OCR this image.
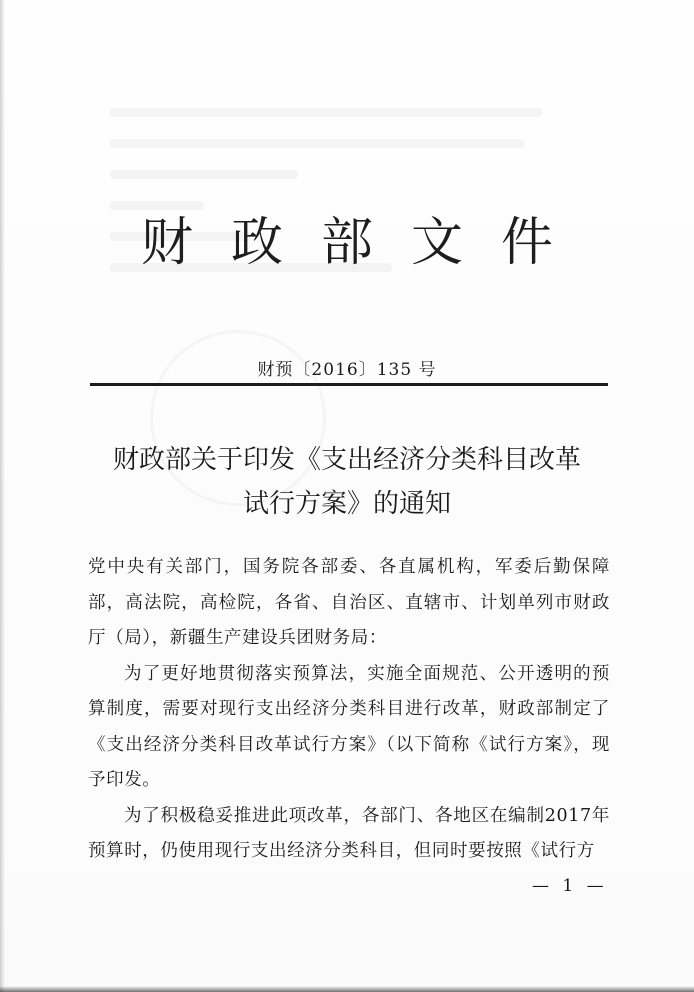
财政部文件
财预〔2016〕135 号
财政部关于印发《支出经济分类科目改革
试行方案》的通知

党中央有关部门，国务院各部委、各直属机构，军委后勤保障部，高法院，高检院，各省、自治区、直辖市、计划单列市财政厅（局），新疆生产建设兵团财务局：

为了更好地贯彻落实预算法，实施全面规范、公开透明的预算制度，需要对现行支出经济分类科目进行改革，财政部制定了《支出经济分类科目改革试行方案》（以下简称《试行方案》，现予印发。

为了积极稳妥推进此项改革，各部门、各地区在编制2017年预算时，仍使用现行支出经济分类科目，但同时要按照《试行方

— 1 —
